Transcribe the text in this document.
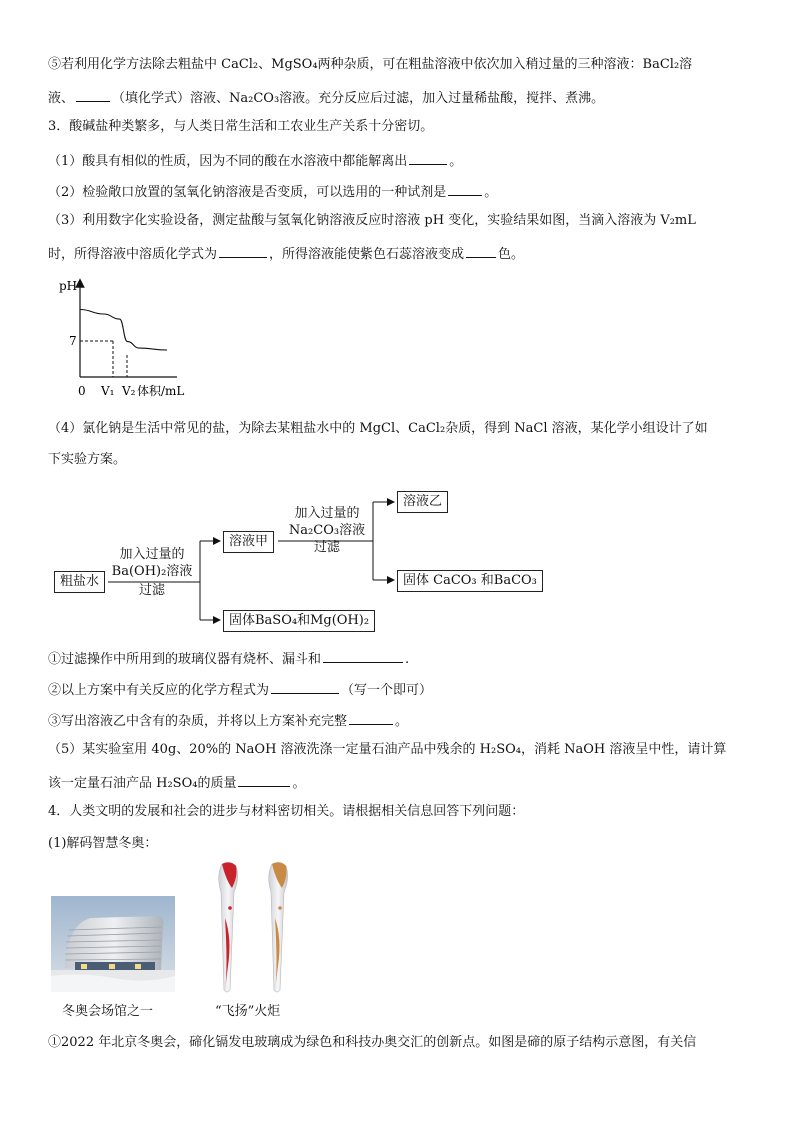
⑤若利用化学方法除去粗盐中 CaCl₂、MgSO₄两种杂质，可在粗盐溶液中依次加入稍过量的三种溶液：BaCl₂溶
液、	（填化学式）溶液、Na₂CO₃溶液。充分反应后过滤，加入过量稀盐酸，搅拌、煮沸。
3．酸碱盐种类繁多，与人类日常生活和工农业生产关系十分密切。
（1）酸具有相似的性质，因为不同的酸在水溶液中都能解离出	。
（2）检验敞口放置的氢氧化钠溶液是否变质，可以选用的一种试剂是	。
（3）利用数字化实验设备，测定盐酸与氢氧化钠溶液反应时溶液 pH 变化，实验结果如图，当滴入溶液为 V₂mL
时，所得溶液中溶质化学式为	，所得溶液能使紫色石蕊溶液变成	色。
pH
7
0 V₁ V₂ 体积/mL
（4）氯化钠是生活中常见的盐，为除去某粗盐水中的 MgCl、CaCl₂杂质，得到 NaCl 溶液，某化学小组设计了如
下实验方案。
粗盐水
加入过量的
Ba(OH)₂溶液
过滤
溶液甲
固体BaSO₄和Mg(OH)₂
加入过量的
Na₂CO₃溶液
过滤
溶液乙
固体 CaCO₃ 和BaCO₃
①过滤操作中所用到的玻璃仪器有烧杯、漏斗和	.
②以上方案中有关反应的化学方程式为	（写一个即可）
③写出溶液乙中含有的杂质，并将以上方案补充完整	。
（5）某实验室用 40g、20%的 NaOH 溶液洗涤一定量石油产品中残余的 H₂SO₄，消耗 NaOH 溶液呈中性，请计算
该一定量石油产品 H₂SO₄的质量	。
4．人类文明的发展和社会的进步与材料密切相关。请根据相关信息回答下列问题：
(1)解码智慧冬奥：
冬奥会场馆之一	“飞扬”火炬
①2022 年北京冬奥会，碲化镉发电玻璃成为绿色和科技办奥交汇的创新点。如图是碲的原子结构示意图，有关信
